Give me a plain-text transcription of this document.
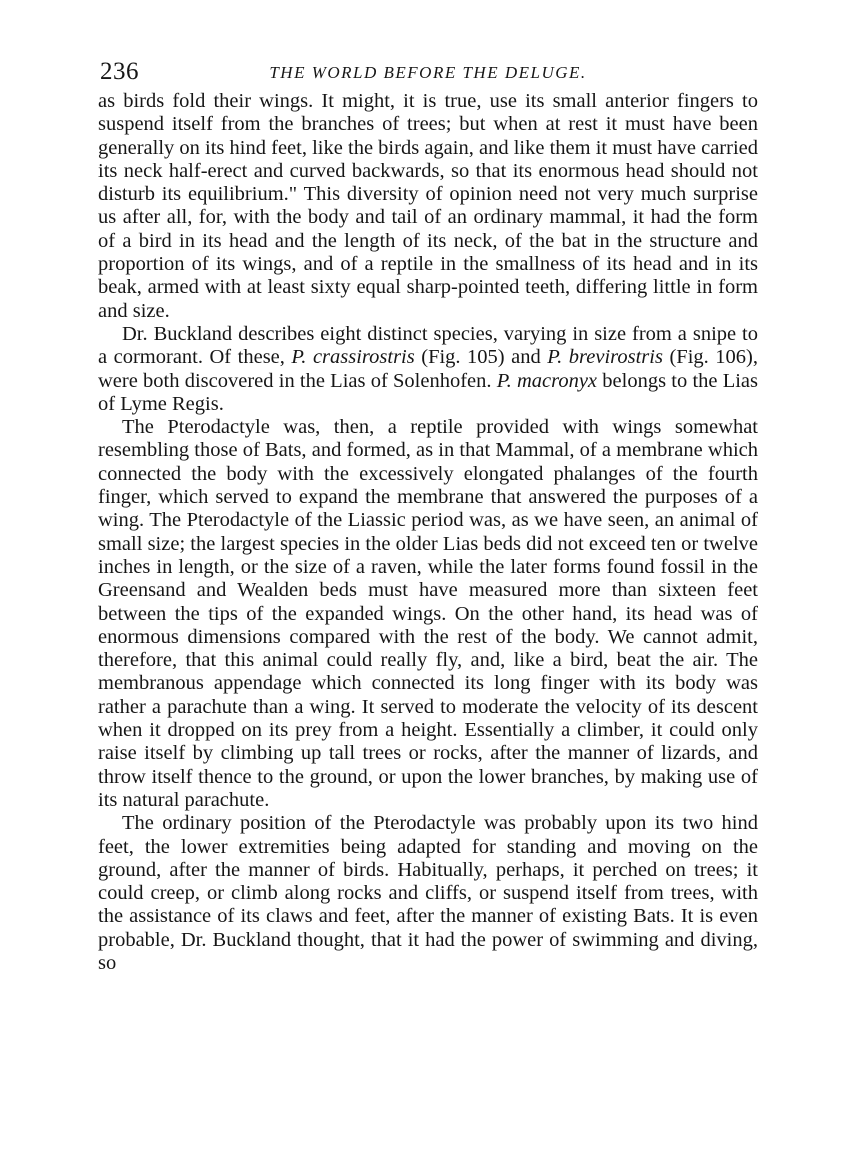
236	THE WORLD BEFORE THE DELUGE.

as birds fold their wings. It might, it is true, use its small anterior fingers to suspend itself from the branches of trees; but when at rest it must have been generally on its hind feet, like the birds again, and like them it must have carried its neck half-erect and curved backwards, so that its enormous head should not disturb its equilibrium." This diversity of opinion need not very much surprise us after all, for, with the body and tail of an ordinary mammal, it had the form of a bird in its head and the length of its neck, of the bat in the structure and proportion of its wings, and of a reptile in the smallness of its head and in its beak, armed with at least sixty equal sharp-pointed teeth, differing little in form and size.

Dr. Buckland describes eight distinct species, varying in size from a snipe to a cormorant. Of these, P. crassirostris (Fig. 105) and P. brevirostris (Fig. 106), were both discovered in the Lias of Solenhofen. P. macronyx belongs to the Lias of Lyme Regis.

The Pterodactyle was, then, a reptile provided with wings somewhat resembling those of Bats, and formed, as in that Mammal, of a membrane which connected the body with the excessively elongated phalanges of the fourth finger, which served to expand the membrane that answered the purposes of a wing. The Pterodactyle of the Liassic period was, as we have seen, an animal of small size; the largest species in the older Lias beds did not exceed ten or twelve inches in length, or the size of a raven, while the later forms found fossil in the Greensand and Wealden beds must have measured more than sixteen feet between the tips of the expanded wings. On the other hand, its head was of enormous dimensions compared with the rest of the body. We cannot admit, therefore, that this animal could really fly, and, like a bird, beat the air. The membranous appendage which connected its long finger with its body was rather a parachute than a wing. It served to moderate the velocity of its descent when it dropped on its prey from a height. Essentially a climber, it could only raise itself by climbing up tall trees or rocks, after the manner of lizards, and throw itself thence to the ground, or upon the lower branches, by making use of its natural parachute.

The ordinary position of the Pterodactyle was probably upon its two hind feet, the lower extremities being adapted for standing and moving on the ground, after the manner of birds. Habitually, perhaps, it perched on trees; it could creep, or climb along rocks and cliffs, or suspend itself from trees, with the assistance of its claws and feet, after the manner of existing Bats. It is even probable, Dr. Buckland thought, that it had the power of swimming and diving, so
